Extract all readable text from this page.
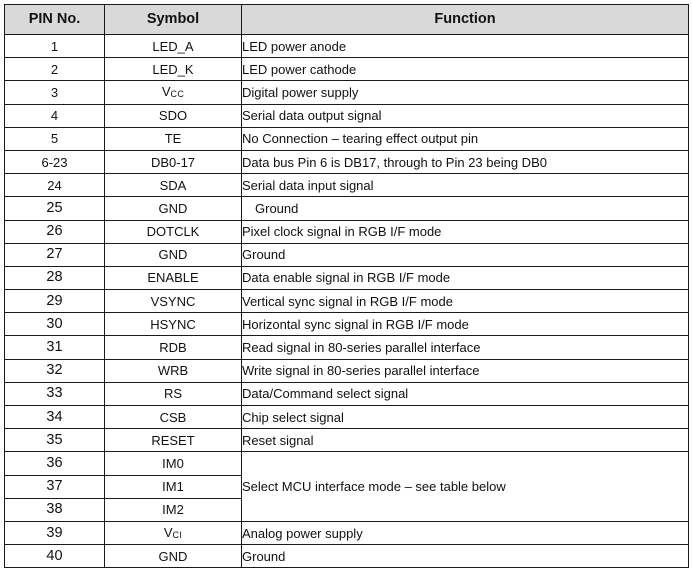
PIN No.	Symbol	Function
1	LED_A	LED power anode
2	LED_K	LED power cathode
3	$V_{CC}$	Digital power supply
4	SDO	Serial data output signal
5	TE	No Connection – tearing effect output pin
6-23	DB0-17	Data bus Pin 6 is DB17, through to Pin 23 being DB0
24	SDA	Serial data input signal
25	GND	Ground
26	DOTCLK	Pixel clock signal in RGB I/F mode
27	GND	Ground
28	ENABLE	Data enable signal in RGB I/F mode
29	VSYNC	Vertical sync signal in RGB I/F mode
30	HSYNC	Horizontal sync signal in RGB I/F mode
31	RDB	Read signal in 80-series parallel interface
32	WRB	Write signal in 80-series parallel interface
33	RS	Data/Command select signal
34	CSB	Chip select signal
35	RESET	Reset signal
36	IM0	Select MCU interface mode – see table below
37	IM1	
38	IM2	
39	$V_{CI}$	Analog power supply
40	GND	Ground
